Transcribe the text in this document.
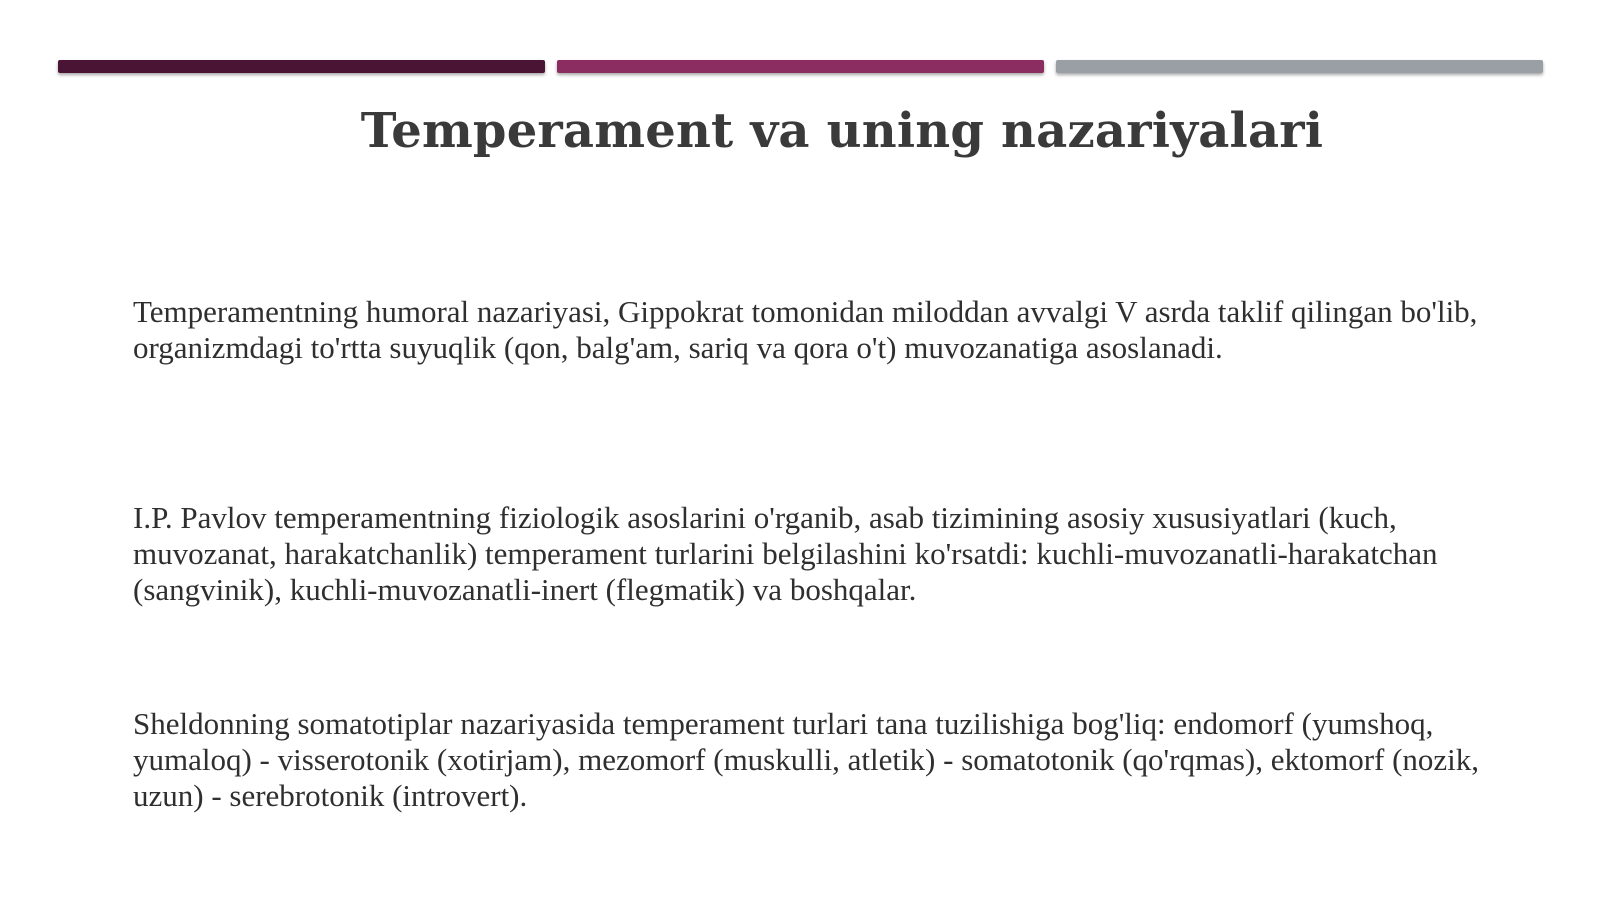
Temperament va uning nazariyalari

Temperamentning humoral nazariyasi, Gippokrat tomonidan miloddan avvalgi V asrda taklif qilingan bo'lib, organizmdagi to'rtta suyuqlik (qon, balg'am, sariq va qora o't) muvozanatiga asoslanadi.

I.P. Pavlov temperamentning fiziologik asoslarini o'rganib, asab tizimining asosiy xususiyatlari (kuch, muvozanat, harakatchanlik) temperament turlarini belgilashini ko'rsatdi: kuchli-muvozanatli-harakatchan (sangvinik), kuchli-muvozanatli-inert (flegmatik) va boshqalar.

Sheldonning somatotiplar nazariyasida temperament turlari tana tuzilishiga bog'liq: endomorf (yumshoq, yumaloq) - visserotonik (xotirjam), mezomorf (muskulli, atletik) - somatotonik (qo'rqmas), ektomorf (nozik, uzun) - serebrotonik (introvert).
